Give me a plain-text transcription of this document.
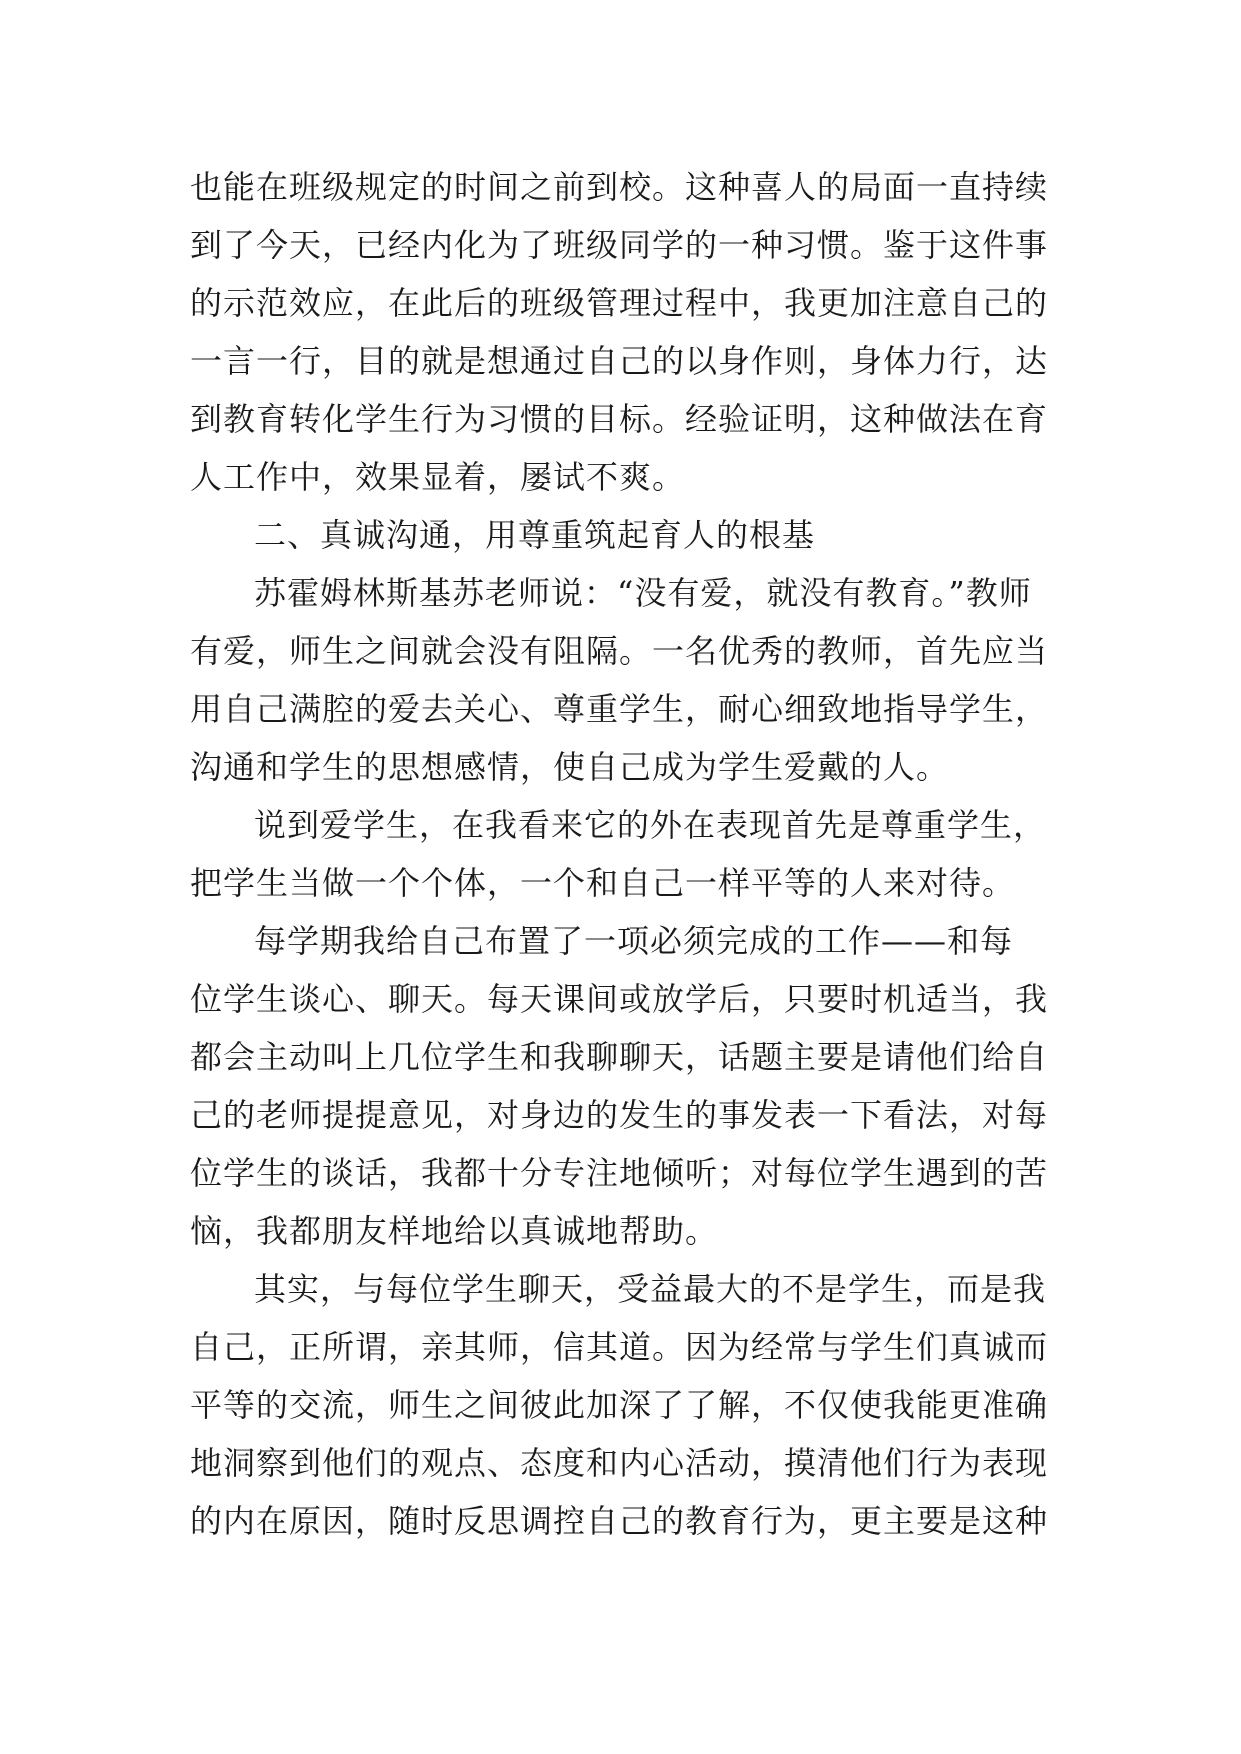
也能在班级规定的时间之前到校。这种喜人的局面一直持续
到了今天，已经内化为了班级同学的一种习惯。鉴于这件事
的示范效应，在此后的班级管理过程中，我更加注意自己的
一言一行，目的就是想通过自己的以身作则，身体力行，达
到教育转化学生行为习惯的目标。经验证明，这种做法在育
人工作中，效果显着，屡试不爽。
二、真诚沟通，用尊重筑起育人的根基
苏霍姆林斯基苏老师说：“没有爱，就没有教育。”教师
有爱，师生之间就会没有阻隔。一名优秀的教师，首先应当
用自己满腔的爱去关心、尊重学生，耐心细致地指导学生，
沟通和学生的思想感情，使自己成为学生爱戴的人。
说到爱学生，在我看来它的外在表现首先是尊重学生，
把学生当做一个个体，一个和自己一样平等的人来对待。
每学期我给自己布置了一项必须完成的工作——和每
位学生谈心、聊天。每天课间或放学后，只要时机适当，我
都会主动叫上几位学生和我聊聊天，话题主要是请他们给自
己的老师提提意见，对身边的发生的事发表一下看法，对每
位学生的谈话，我都十分专注地倾听；对每位学生遇到的苦
恼，我都朋友样地给以真诚地帮助。
其实，与每位学生聊天，受益最大的不是学生，而是我
自己，正所谓，亲其师，信其道。因为经常与学生们真诚而
平等的交流，师生之间彼此加深了了解，不仅使我能更准确
地洞察到他们的观点、态度和内心活动，摸清他们行为表现
的内在原因，随时反思调控自己的教育行为，更主要是这种
